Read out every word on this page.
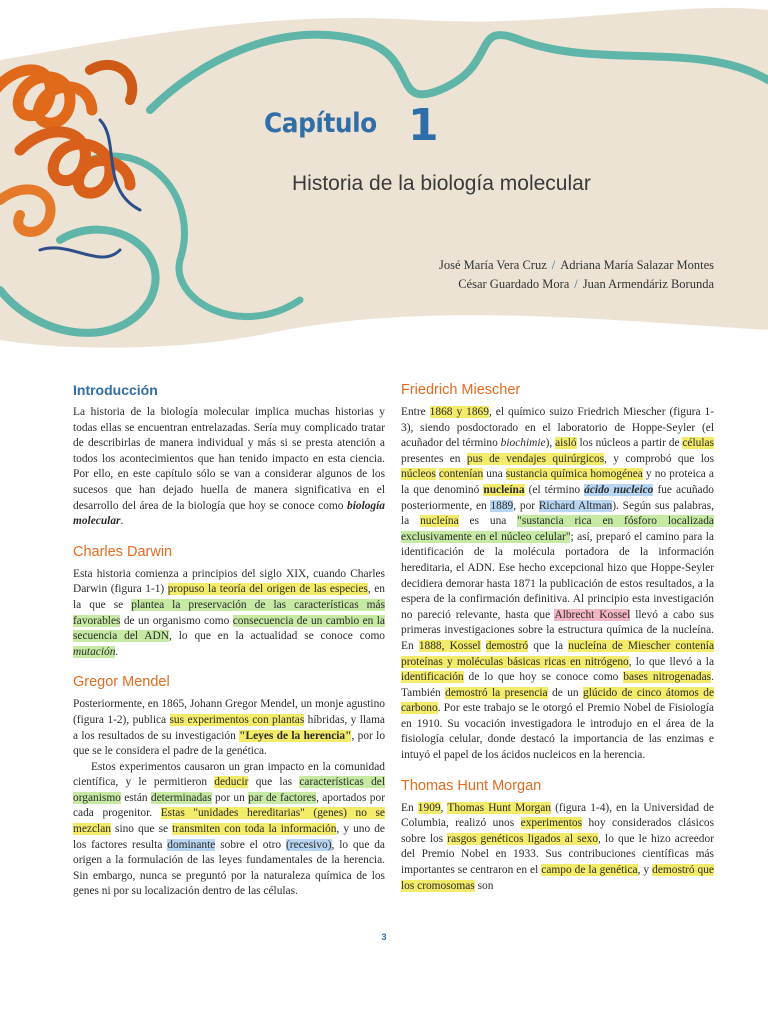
Capítulo 1
Historia de la biología molecular
José María Vera Cruz / Adriana María Salazar Montes
César Guardado Mora / Juan Armendáriz Borunda
Introducción

La historia de la biología molecular implica muchas historias y todas ellas se encuentran entrelazadas. Sería muy complicado tratar de describirlas de manera individual y más si se presta atención a todos los acontecimientos que han tenido impacto en esta ciencia. Por ello, en este capítulo sólo se van a considerar algunos de los sucesos que han dejado huella de manera significativa en el desarrollo del área de la biología que hoy se conoce como biología molecular.

Charles Darwin

Esta historia comienza a principios del siglo XIX, cuando Charles Darwin (figura 1-1) propuso la teoría del origen de las especies, en la que se plantea la preservación de las características más favorables de un organismo como consecuencia de un cambio en la secuencia del ADN, lo que en la actualidad se conoce como mutación.

Gregor Mendel

Posteriormente, en 1865, Johann Gregor Mendel, un monje agustino (figura 1-2), publica sus experimentos con plantas híbridas, y llama a los resultados de su investigación "Leyes de la herencia", por lo que se le considera el padre de la genética.

Estos experimentos causaron un gran impacto en la comunidad científica, y le permitieron deducir que las características del organismo están determinadas por un par de factores, aportados por cada progenitor. Estas "unidades hereditarias" (genes) no se mezclan sino que se transmiten con toda la información, y uno de los factores resulta dominante sobre el otro (recesivo), lo que da origen a la formulación de las leyes fundamentales de la herencia. Sin embargo, nunca se preguntó por la naturaleza química de los genes ni por su localización dentro de las células.

Friedrich Miescher

Entre 1868 y 1869, el químico suizo Friedrich Miescher (figura 1-3), siendo posdoctorado en el laboratorio de Hoppe-Seyler (el acuñador del término biochimie), aisló los núcleos a partir de células presentes en pus de vendajes quirúrgicos, y comprobó que los núcleos contenían una sustancia química homogénea y no proteica a la que denominó nucleína (el término ácido nucleico fue acuñado posteriormente, en 1889, por Richard Altman). Según sus palabras, la nucleína es una "sustancia rica en fósforo localizada exclusivamente en el núcleo celular"; así, preparó el camino para la identificación de la molécula portadora de la información hereditaria, el ADN. Ese hecho excepcional hizo que Hoppe-Seyler decidiera demorar hasta 1871 la publicación de estos resultados, a la espera de la confirmación definitiva. Al principio esta investigación no pareció relevante, hasta que Albrecht Kossel llevó a cabo sus primeras investigaciones sobre la estructura química de la nucleína. En 1888, Kossel demostró que la nucleína de Miescher contenía proteínas y moléculas básicas ricas en nitrógeno, lo que llevó a la identificación de lo que hoy se conoce como bases nitrogenadas. También demostró la presencia de un glúcido de cinco átomos de carbono. Por este trabajo se le otorgó el Premio Nobel de Fisiología en 1910. Su vocación investigadora le introdujo en el área de la fisiología celular, donde destacó la importancia de las enzimas e intuyó el papel de los ácidos nucleicos en la herencia.

Thomas Hunt Morgan

En 1909, Thomas Hunt Morgan (figura 1-4), en la Universidad de Columbia, realizó unos experimentos hoy considerados clásicos sobre los rasgos genéticos ligados al sexo, lo que le hizo acreedor del Premio Nobel en 1933. Sus contribuciones científicas más importantes se centraron en el campo de la genética, y demostró que los cromosomas son

3
